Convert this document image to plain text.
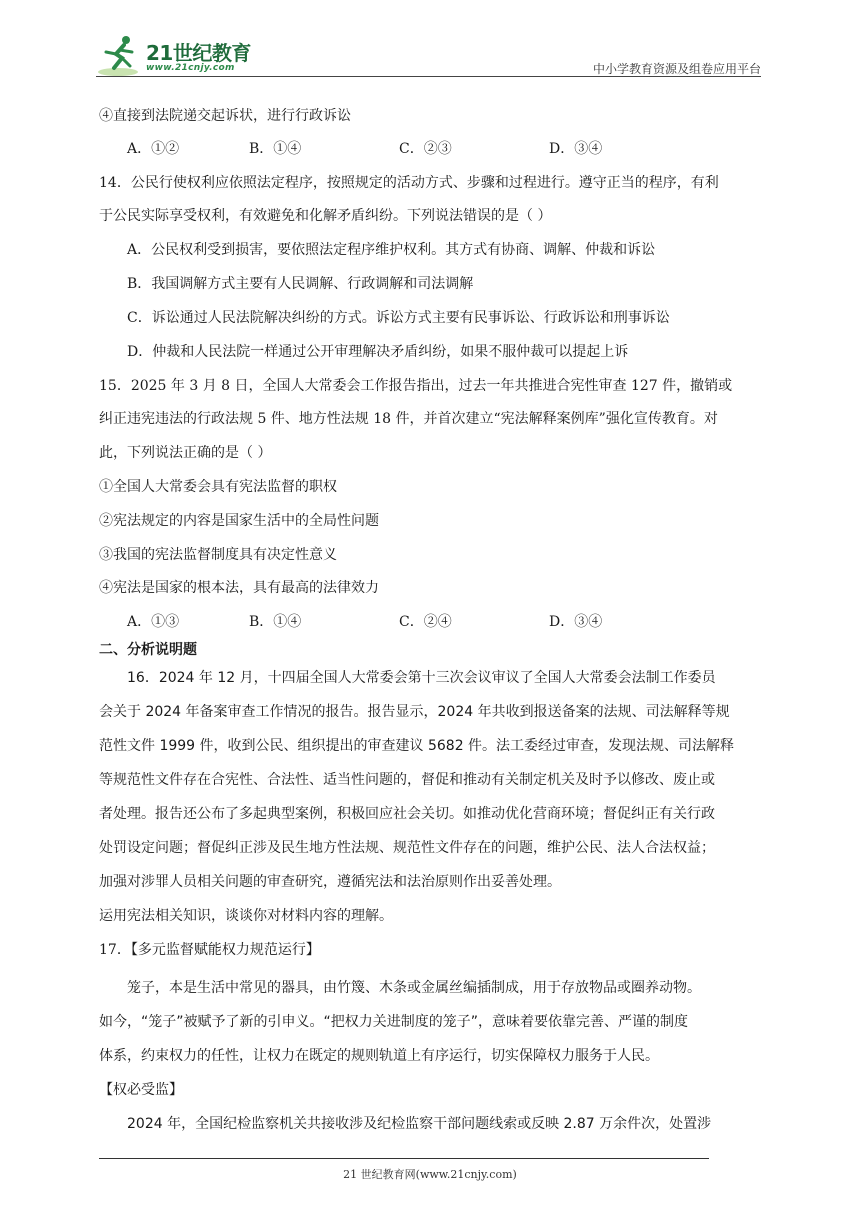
21世纪教育
www.21cnjy.com	中小学教育资源及组卷应用平台
④直接到法院递交起诉状，进行行政诉讼
A．①②	B．①④	C．②③	D．③④
14．公民行使权利应依照法定程序，按照规定的活动方式、步骤和过程进行。遵守正当的程序，有利
于公民实际享受权利，有效避免和化解矛盾纠纷。下列说法错误的是（ ）
A．公民权利受到损害，要依照法定程序维护权利。其方式有协商、调解、仲裁和诉讼
B．我国调解方式主要有人民调解、行政调解和司法调解
C．诉讼通过人民法院解决纠纷的方式。诉讼方式主要有民事诉讼、行政诉讼和刑事诉讼
D．仲裁和人民法院一样通过公开审理解决矛盾纠纷，如果不服仲裁可以提起上诉
15．2025 年 3 月 8 日，全国人大常委会工作报告指出，过去一年共推进合宪性审查 127 件，撤销或
纠正违宪违法的行政法规 5 件、地方性法规 18 件，并首次建立“宪法解释案例库”强化宣传教育。对
此，下列说法正确的是（ ）
①全国人大常委会具有宪法监督的职权
②宪法规定的内容是国家生活中的全局性问题
③我国的宪法监督制度具有决定性意义
④宪法是国家的根本法，具有最高的法律效力
A．①③	B．①④	C．②④	D．③④
二、分析说明题
16．2024 年 12 月，十四届全国人大常委会第十三次会议审议了全国人大常委会法制工作委员
会关于 2024 年备案审查工作情况的报告。报告显示，2024 年共收到报送备案的法规、司法解释等规
范性文件 1999 件，收到公民、组织提出的审查建议 5682 件。法工委经过审查，发现法规、司法解释
等规范性文件存在合宪性、合法性、适当性问题的，督促和推动有关制定机关及时予以修改、废止或
者处理。报告还公布了多起典型案例，积极回应社会关切。如推动优化营商环境；督促纠正有关行政
处罚设定问题；督促纠正涉及民生地方性法规、规范性文件存在的问题，维护公民、法人合法权益；
加强对涉罪人员相关问题的审查研究，遵循宪法和法治原则作出妥善处理。
运用宪法相关知识，谈谈你对材料内容的理解。
17．【多元监督赋能权力规范运行】
笼子，本是生活中常见的器具，由竹篾、木条或金属丝编插制成，用于存放物品或圈养动物。
如今，“笼子”被赋予了新的引申义。“把权力关进制度的笼子”，意味着要依靠完善、严谨的制度
体系，约束权力的任性，让权力在既定的规则轨道上有序运行，切实保障权力服务于人民。
【权必受监】
2024 年，全国纪检监察机关共接收涉及纪检监察干部问题线索或反映 2.87 万余件次，处置涉
21 世纪教育网(www.21cnjy.com)
